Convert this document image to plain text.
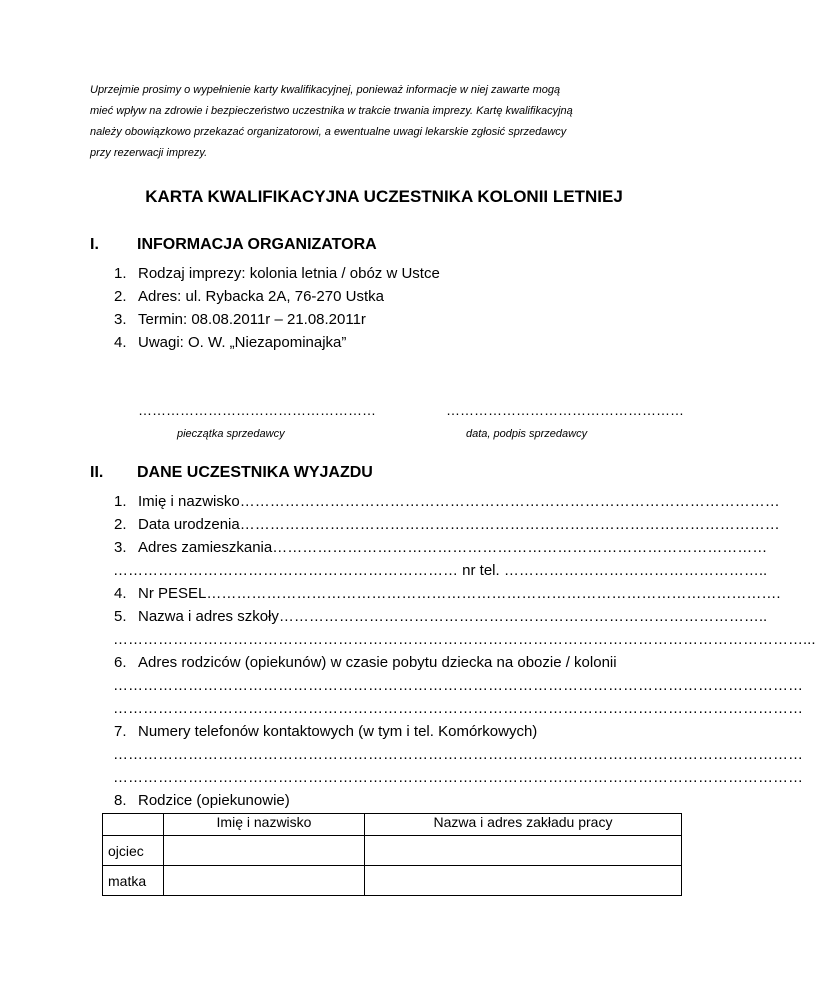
Uprzejmie prosimy o wypełnienie karty kwalifikacyjnej, ponieważ informacje w niej zawarte mogą
mieć wpływ na zdrowie i bezpieczeństwo uczestnika w trakcie trwania imprezy. Kartę kwalifikacyjną
należy obowiązkowo przekazać organizatorowi, a ewentualne uwagi lekarskie zgłosić sprzedawcy
przy rezerwacji imprezy.
KARTA KWALIFIKACYJNA UCZESTNIKA KOLONII LETNIEJ
I. INFORMACJA ORGANIZATORA
1. Rodzaj imprezy: kolonia letnia / obóz w Ustce
2. Adres: ul. Rybacka 2A, 76-270 Ustka
3. Termin: 08.08.2011r – 21.08.2011r
4. Uwagi: O. W. „Niezapominajka”
……………………………………………	……………………………………………
pieczątka sprzedawcy	data, podpis sprzedawcy
II. DANE UCZESTNIKA WYJAZDU
1. Imię i nazwisko………………………………………………………………………………………………
2. Data urodzenia………………………………………………………………………………………………
3. Adres zamieszkania………………………………………………………………………………………
…………………………………………………………… nr tel. ……………………………………………..
4. Nr PESEL…………………………………………………………………………………………………….
5. Nazwa i adres szkoły……………………………………………………………………………………..
…………………………………………………………………………………………………………………………...
6. Adres rodziców (opiekunów) w czasie pobytu dziecka na obozie / kolonii
…………………………………………………………………………………………………………………………
…………………………………………………………………………………………………………………………
7. Numery telefonów kontaktowych (w tym i tel. Komórkowych)
…………………………………………………………………………………………………………………………
…………………………………………………………………………………………………………………………
8. Rodzice (opiekunowie)
	Imię i nazwisko	Nazwa i adres zakładu pracy
ojciec		
matka		
